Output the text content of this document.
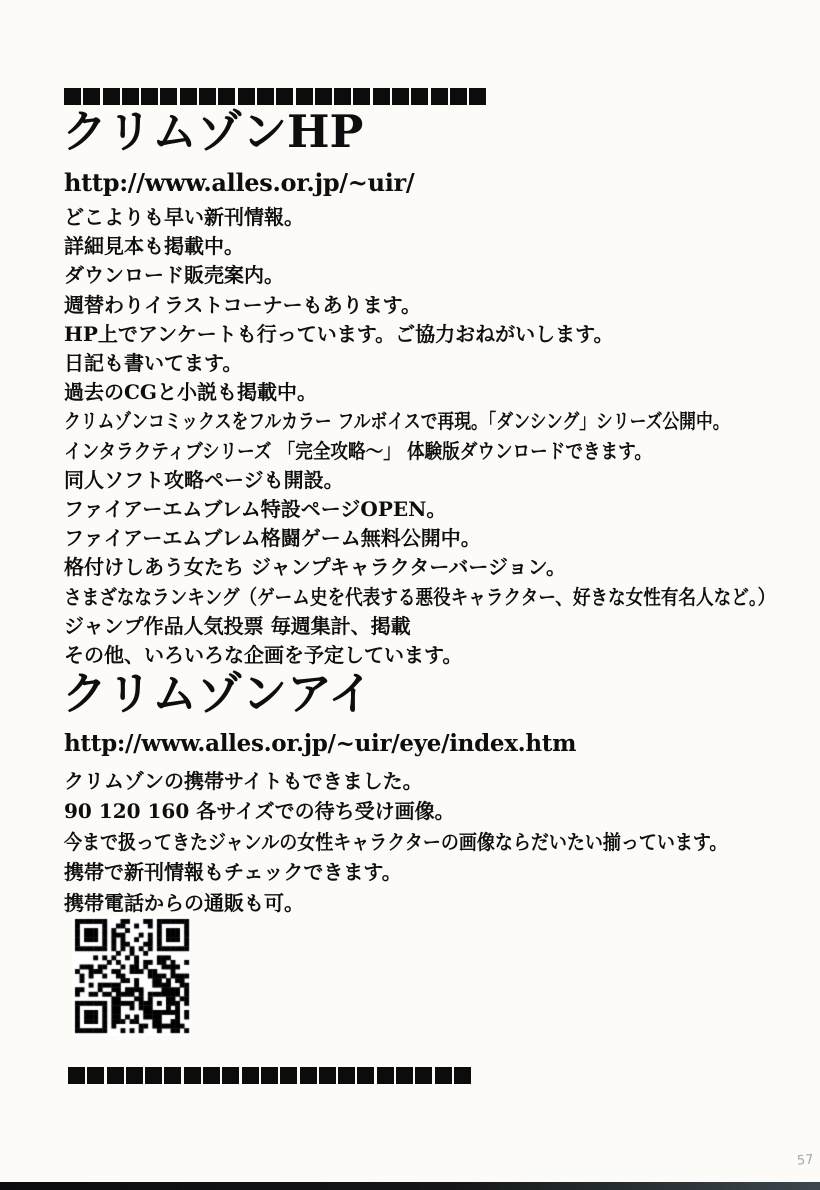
クリムゾンHP
http://www.alles.or.jp/~uir/
どこよりも早い新刊情報。
詳細見本も掲載中。
ダウンロード販売案内。
週替わりイラストコーナーもあります。
HP上でアンケートも行っています。ご協力おねがいします。
日記も書いてます。
過去のCGと小説も掲載中。
クリムゾンコミックスをフルカラー フルボイスで再現。「ダンシング」シリーズ公開中。
インタラクティブシリーズ 「完全攻略〜」 体験版ダウンロードできます。
同人ソフト攻略ページも開設。
ファイアーエムブレム特設ページOPEN。
ファイアーエムブレム格闘ゲーム無料公開中。
格付けしあう女たち ジャンプキャラクターバージョン。
さまざななランキング（ゲーム史を代表する悪役キャラクター、好きな女性有名人など。）
ジャンプ作品人気投票 毎週集計、掲載
その他、いろいろな企画を予定しています。
クリムゾンアイ
http://www.alles.or.jp/~uir/eye/index.htm
クリムゾンの携帯サイトもできました。
90 120 160 各サイズでの待ち受け画像。
今まで扱ってきたジャンルの女性キャラクターの画像ならだいたい揃っています。
携帯で新刊情報もチェックできます。
携帯電話からの通販も可。
57
